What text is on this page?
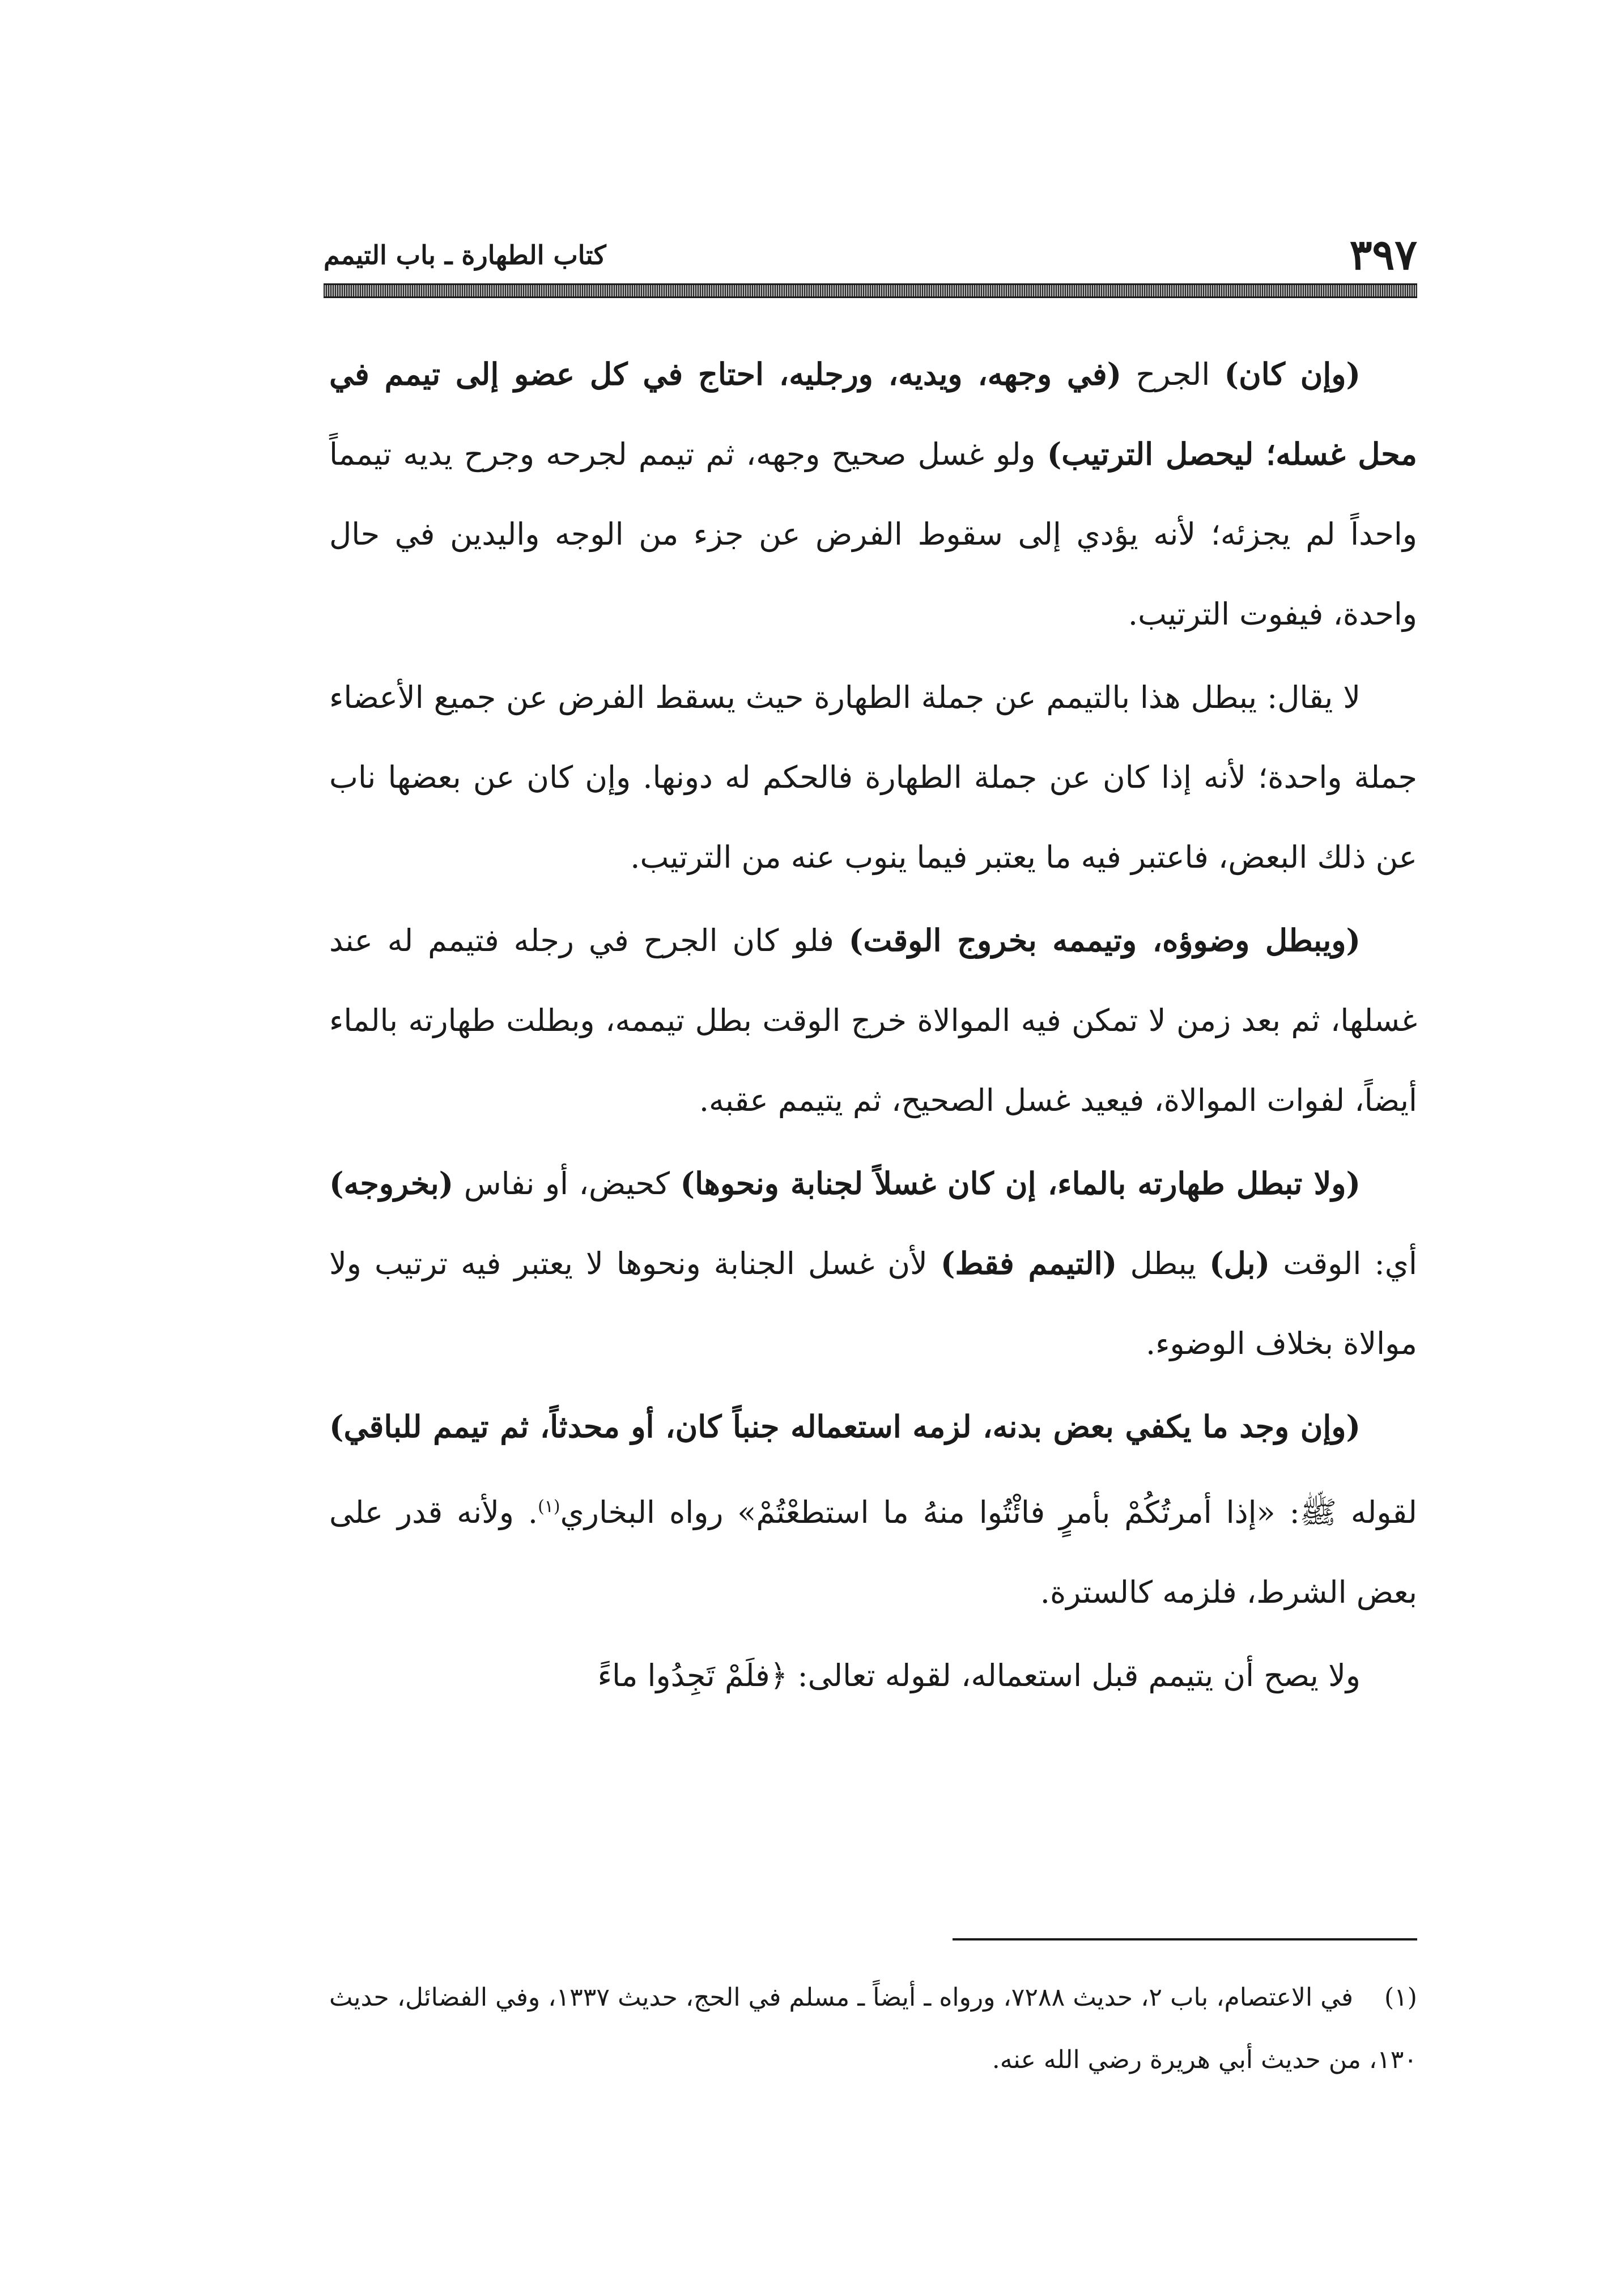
٣٩٧
كتاب الطهارة ـ باب التيمم

(وإن كان) الجرح (في وجهه، ويديه، ورجليه، احتاج في كل عضو إلى تيمم في محل غسله؛ ليحصل الترتيب) ولو غسل صحيح وجهه، ثم تيمم لجرحه وجرح يديه تيمماً واحداً لم يجزئه؛ لأنه يؤدي إلى سقوط الفرض عن جزء من الوجه واليدين في حال واحدة، فيفوت الترتيب.

لا يقال: يبطل هذا بالتيمم عن جملة الطهارة حيث يسقط الفرض عن جميع الأعضاء جملة واحدة؛ لأنه إذا كان عن جملة الطهارة فالحكم له دونها. وإن كان عن بعضها ناب عن ذلك البعض، فاعتبر فيه ما يعتبر فيما ينوب عنه من الترتيب.

(ويبطل وضوؤه، وتيممه بخروج الوقت) فلو كان الجرح في رجله فتيمم له عند غسلها، ثم بعد زمن لا تمكن فيه الموالاة خرج الوقت بطل تيممه، وبطلت طهارته بالماء أيضاً، لفوات الموالاة، فيعيد غسل الصحيح، ثم يتيمم عقبه.

(ولا تبطل طهارته بالماء، إن كان غسلاً لجنابة ونحوها) كحيض، أو نفاس (بخروجه) أي: الوقت (بل) يبطل (التيمم فقط) لأن غسل الجنابة ونحوها لا يعتبر فيه ترتيب ولا موالاة بخلاف الوضوء.

(وإن وجد ما يكفي بعض بدنه، لزمه استعماله جنباً كان، أو محدثاً، ثم تيمم للباقي) لقوله ﷺ: «إذا أمرتُكُمْ بأمرٍ فائْتُوا منهُ ما استطعْتُمْ» رواه البخاري$^{(١)}$. ولأنه قدر على بعض الشرط، فلزمه كالسترة.

ولا يصح أن يتيمم قبل استعماله، لقوله تعالى: ﴿فلَمْ تَجِدُوا ماءً

(١)في الاعتصام، باب ٢، حديث ٧٢٨٨، ورواه ـ أيضاً ـ مسلم في الحج، حديث ١٣٣٧، وفي الفضائل، حديث ١٣٠، من حديث أبي هريرة رضي الله عنه.
